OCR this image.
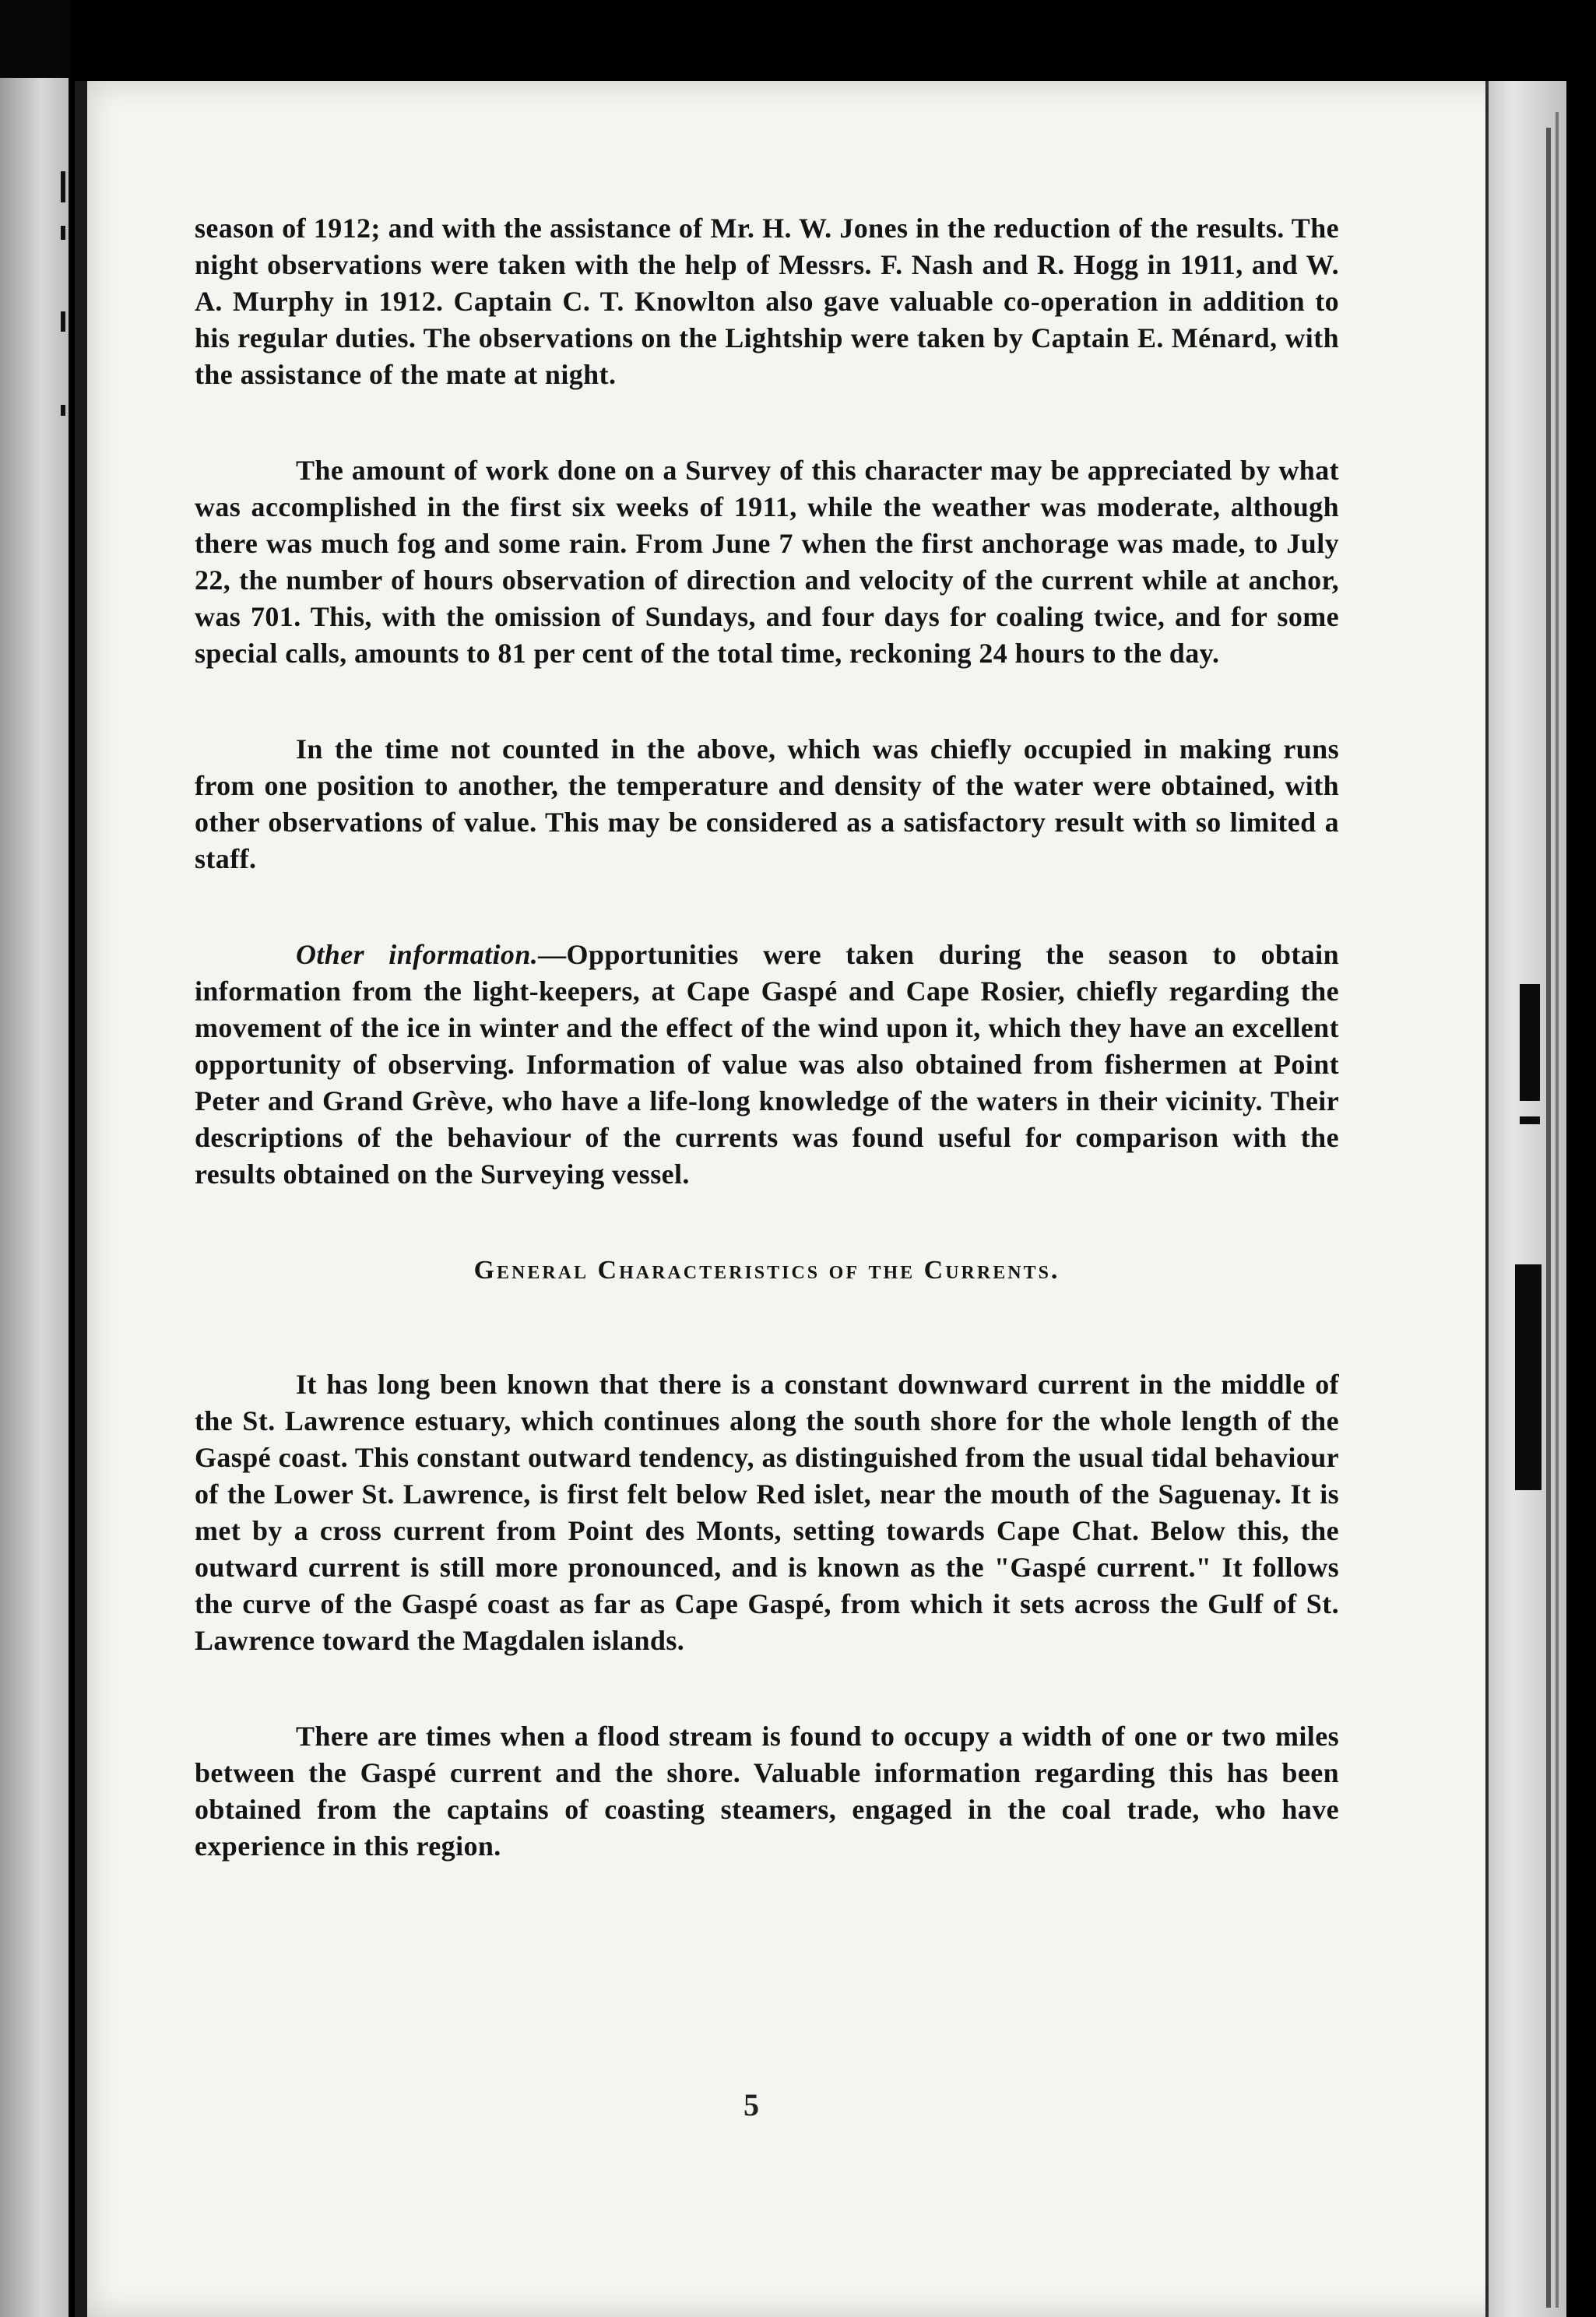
season of 1912; and with the assistance of Mr. H. W. Jones in the reduction of the results. The night observations were taken with the help of Messrs. F. Nash and R. Hogg in 1911, and W. A. Murphy in 1912. Captain C. T. Knowlton also gave valuable co-operation in addition to his regular duties. The observations on the Lightship were taken by Captain E. Ménard, with the assistance of the mate at night.

The amount of work done on a Survey of this character may be appreciated by what was accomplished in the first six weeks of 1911, while the weather was moderate, although there was much fog and some rain. From June 7 when the first anchorage was made, to July 22, the number of hours observation of direction and velocity of the current while at anchor, was 701. This, with the omission of Sundays, and four days for coaling twice, and for some special calls, amounts to 81 per cent of the total time, reckoning 24 hours to the day.

In the time not counted in the above, which was chiefly occupied in making runs from one position to another, the temperature and density of the water were obtained, with other observations of value. This may be considered as a satisfactory result with so limited a staff.

Other information.—Opportunities were taken during the season to obtain information from the light-keepers, at Cape Gaspé and Cape Rosier, chiefly regarding the movement of the ice in winter and the effect of the wind upon it, which they have an excellent opportunity of observing. Information of value was also obtained from fishermen at Point Peter and Grand Grève, who have a life-long knowledge of the waters in their vicinity. Their descriptions of the behaviour of the currents was found useful for comparison with the results obtained on the Surveying vessel.

General Characteristics of the Currents.

It has long been known that there is a constant downward current in the middle of the St. Lawrence estuary, which continues along the south shore for the whole length of the Gaspé coast. This constant outward tendency, as distinguished from the usual tidal behaviour of the Lower St. Lawrence, is first felt below Red islet, near the mouth of the Saguenay. It is met by a cross current from Point des Monts, setting towards Cape Chat. Below this, the outward current is still more pronounced, and is known as the "Gaspé current." It follows the curve of the Gaspé coast as far as Cape Gaspé, from which it sets across the Gulf of St. Lawrence toward the Magdalen islands.

There are times when a flood stream is found to occupy a width of one or two miles between the Gaspé current and the shore. Valuable information regarding this has been obtained from the captains of coasting steamers, engaged in the coal trade, who have experience in this region.

5
